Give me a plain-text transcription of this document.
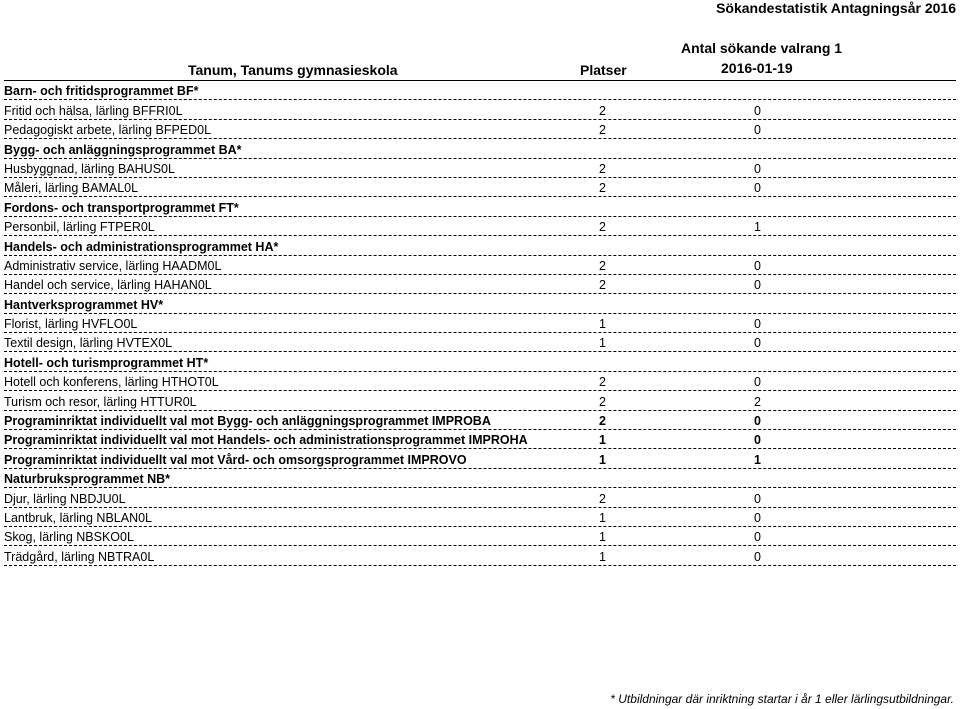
Sökandestatistik Antagningsår 2016
Tanum, Tanums gymnasieskola	Platser
Antal sökande valrang 1
2016-01-19
Barn- och fritidsprogrammet BF*
Fritid och hälsa, lärling BFFRI0L	2	0
Pedagogiskt arbete, lärling BFPED0L	2	0
Bygg- och anläggningsprogrammet BA*
Husbyggnad, lärling BAHUS0L	2	0
Måleri, lärling BAMAL0L	2	0
Fordons- och transportprogrammet FT*
Personbil, lärling FTPER0L	2	1
Handels- och administrationsprogrammet HA*
Administrativ service, lärling HAADM0L	2	0
Handel och service, lärling HAHAN0L	2	0
Hantverksprogrammet HV*
Florist, lärling HVFLO0L	1	0
Textil design, lärling HVTEX0L	1	0
Hotell- och turismprogrammet HT*
Hotell och konferens, lärling HTHOT0L	2	0
Turism och resor, lärling HTTUR0L	2	2
Programinriktat individuellt val mot Bygg- och anläggningsprogrammet IMPROBA	2	0
Programinriktat individuellt val mot Handels- och administrationsprogrammet IMPROHA	1	0
Programinriktat individuellt val mot Vård- och omsorgsprogrammet IMPROVO	1	1
Naturbruksprogrammet NB*
Djur, lärling NBDJU0L	2	0
Lantbruk, lärling NBLAN0L	1	0
Skog, lärling NBSKO0L	1	0
Trädgård, lärling NBTRA0L	1	0
* Utbildningar där inriktning startar i år 1 eller lärlingsutbildningar.
